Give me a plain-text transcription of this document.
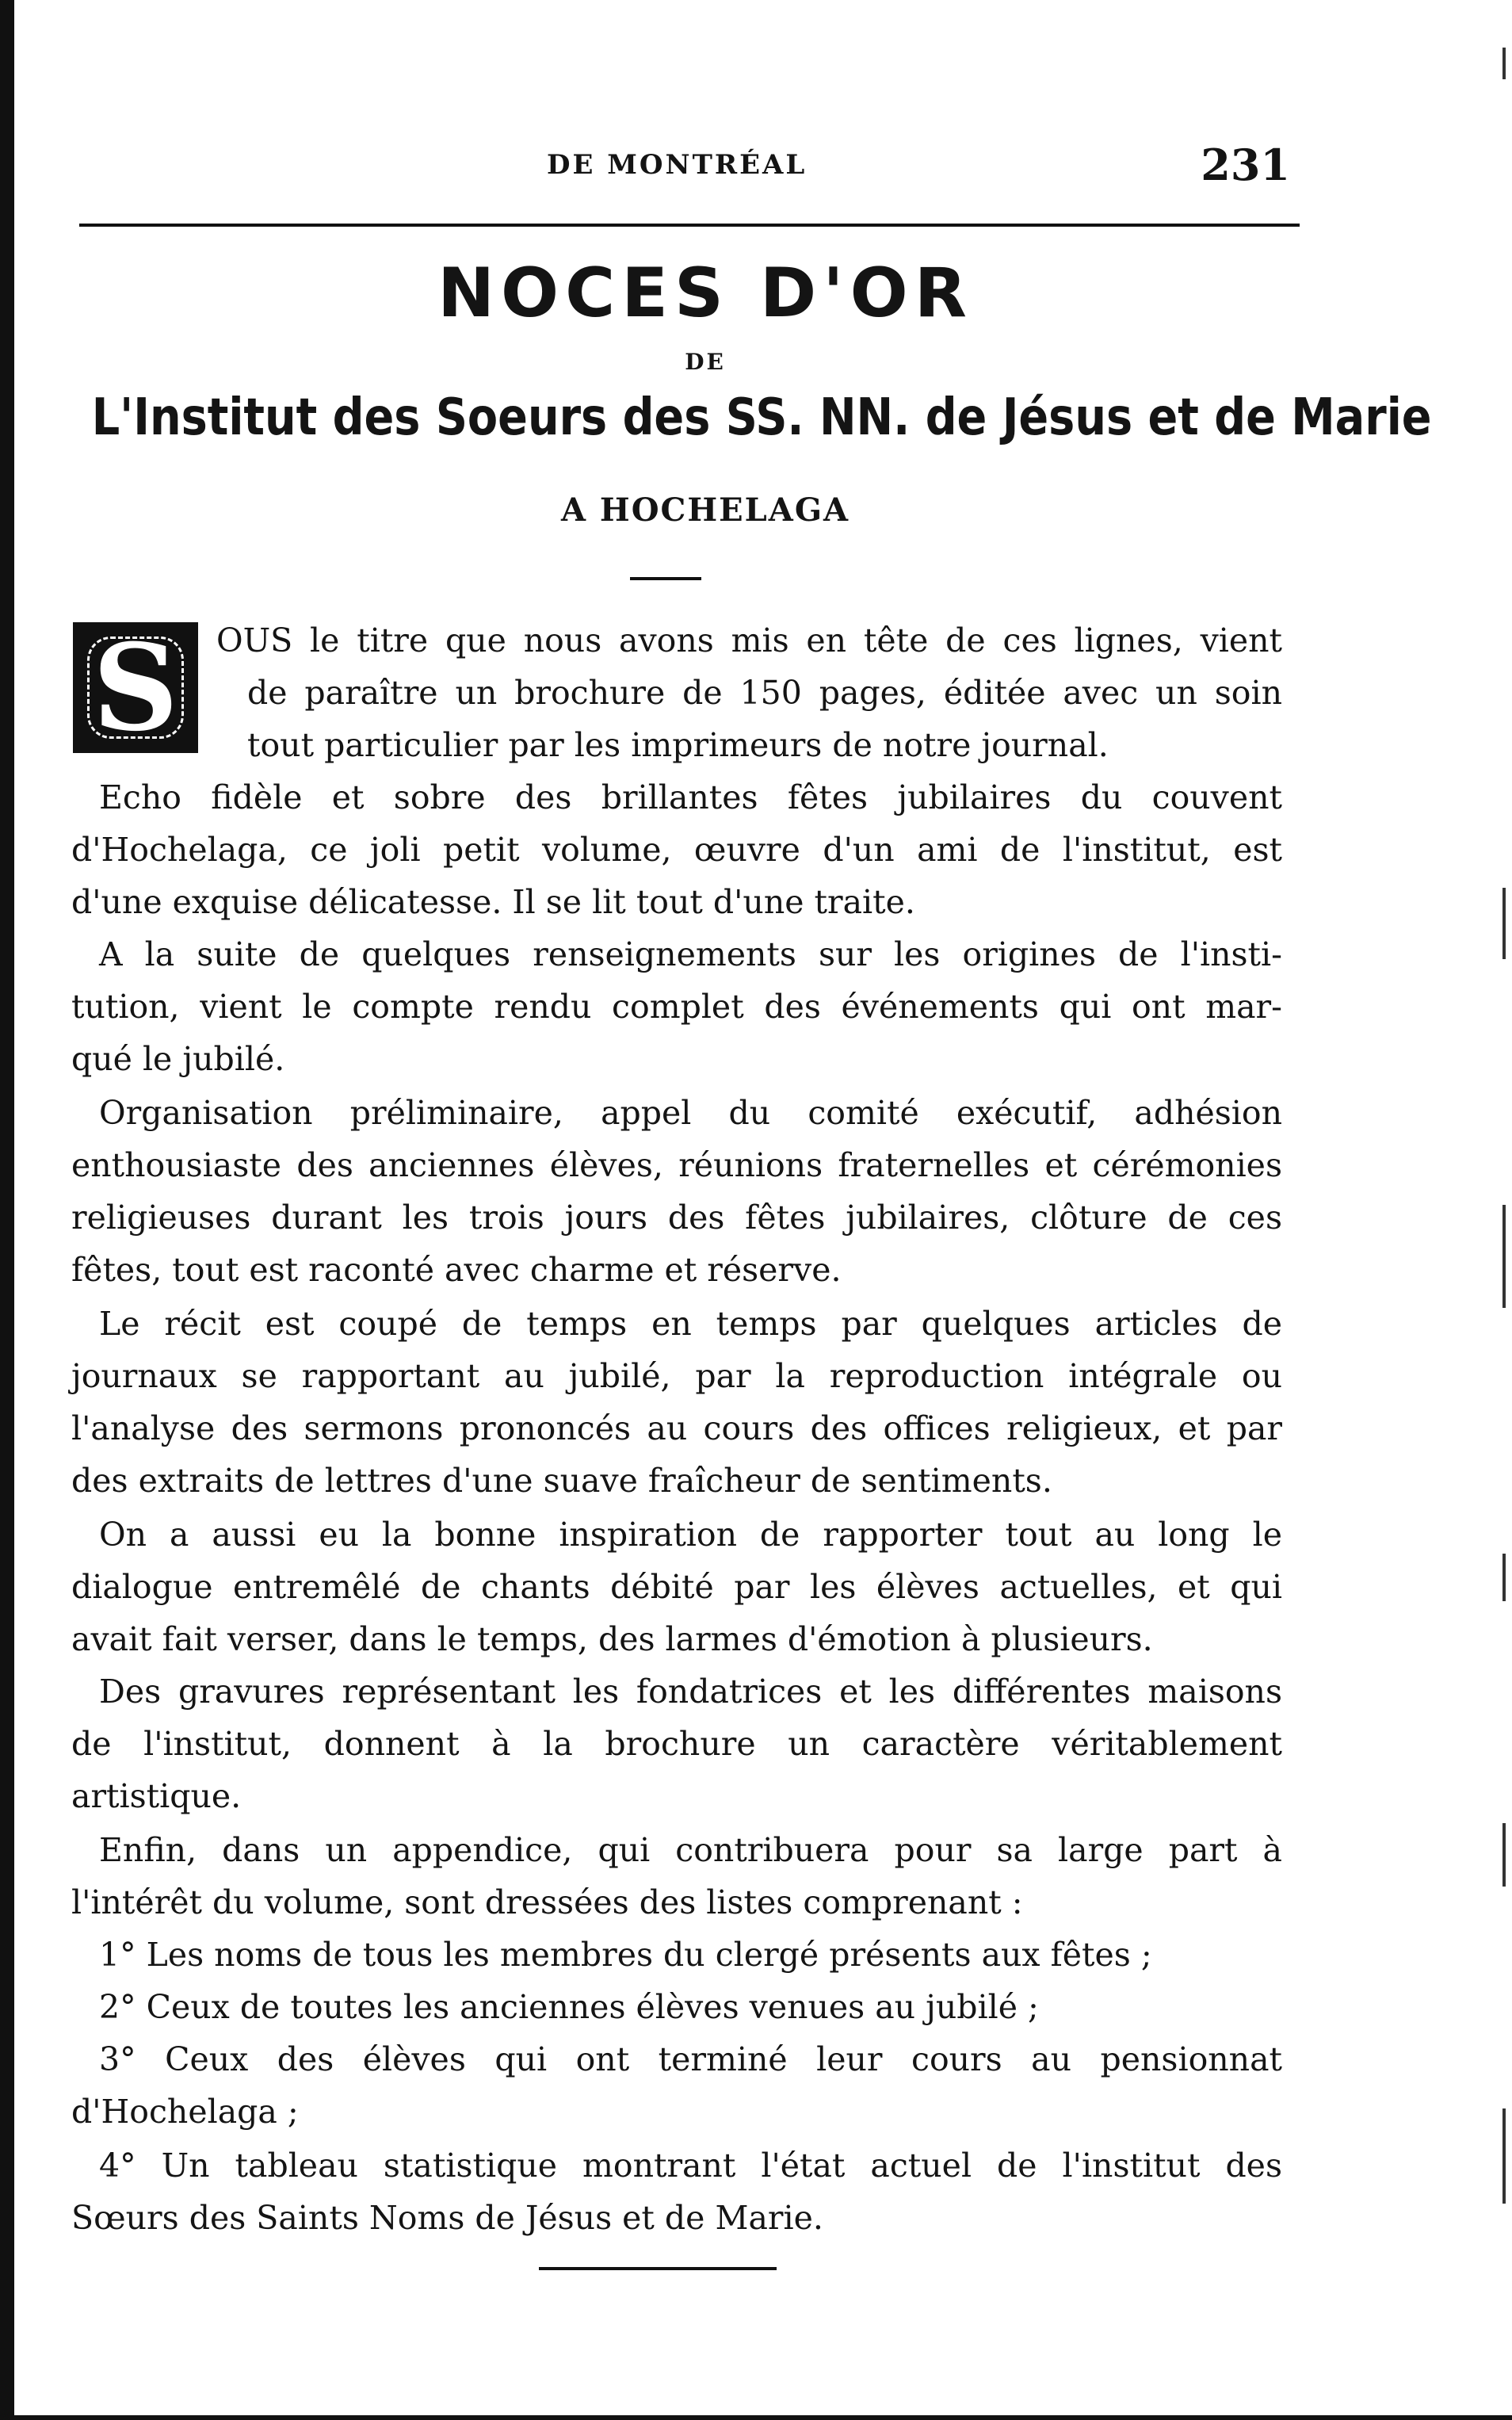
DE MONTRÉAL	231
NOCES D'OR
DE
L'Institut des Soeurs des SS. NN. de Jésus et de Marie
A HOCHELAGA
S OUS le titre que nous avons mis en tête de ces lignes, vient
de paraître un brochure de 150 pages, éditée avec un soin
tout particulier par les imprimeurs de notre journal.
Echo fidèle et sobre des brillantes fêtes jubilaires du couvent
d'Hochelaga, ce joli petit volume, œuvre d'un ami de l'institut, est
d'une exquise délicatesse. Il se lit tout d'une traite.
A la suite de quelques renseignements sur les origines de l'insti-
tution, vient le compte rendu complet des événements qui ont mar-
qué le jubilé.
Organisation préliminaire, appel du comité exécutif, adhésion
enthousiaste des anciennes élèves, réunions fraternelles et cérémonies
religieuses durant les trois jours des fêtes jubilaires, clôture de ces
fêtes, tout est raconté avec charme et réserve.
Le récit est coupé de temps en temps par quelques articles de
journaux se rapportant au jubilé, par la reproduction intégrale ou
l'analyse des sermons prononcés au cours des offices religieux, et par
des extraits de lettres d'une suave fraîcheur de sentiments.
On a aussi eu la bonne inspiration de rapporter tout au long le
dialogue entremêlé de chants débité par les élèves actuelles, et qui
avait fait verser, dans le temps, des larmes d'émotion à plusieurs.
Des gravures représentant les fondatrices et les différentes maisons
de l'institut, donnent à la brochure un caractère véritablement
artistique.
Enfin, dans un appendice, qui contribuera pour sa large part à
l'intérêt du volume, sont dressées des listes comprenant :
1° Les noms de tous les membres du clergé présents aux fêtes ;
2° Ceux de toutes les anciennes élèves venues au jubilé ;
3° Ceux des élèves qui ont terminé leur cours au pensionnat
d'Hochelaga ;
4° Un tableau statistique montrant l'état actuel de l'institut des
Sœurs des Saints Noms de Jésus et de Marie.
